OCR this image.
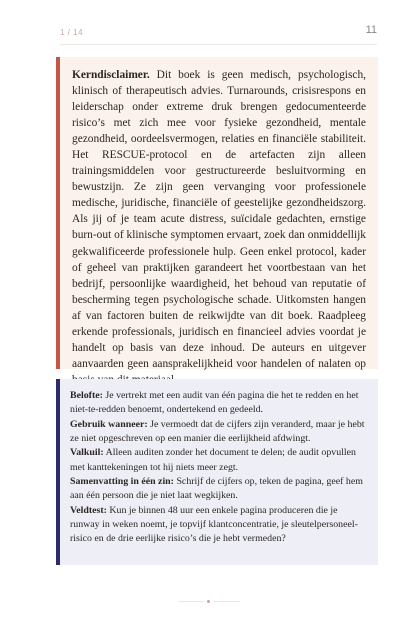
1 / 14	11
Kerndisclaimer. Dit boek is geen medisch, psychologisch, klinisch of therapeutisch advies. Turnarounds, crisisrespons en leiderschap onder extreme druk brengen gedocumenteerde risico’s met zich mee voor fysieke gezondheid, mentale gezondheid, oordeelsvermogen, relaties en financiële stabiliteit. Het RESCUE-protocol en de artefacten zijn alleen trainingsmiddelen voor gestructureerde besluitvorming en bewustzijn. Ze zijn geen vervanging voor professionele medische, juridische, financiële of geestelijke gezondheidszorg. Als jij of je team acute distress, suïcidale gedachten, ernstige burn-out of klinische symptomen ervaart, zoek dan onmiddellijk gekwalificeerde professionele hulp. Geen enkel protocol, kader of geheel van praktijken garandeert het voortbestaan van het bedrijf, persoonlijke waardigheid, het behoud van reputatie of bescherming tegen psychologische schade. Uitkomsten hangen af van factoren buiten de reikwijdte van dit boek. Raadpleeg erkende professionals, juridisch en financieel advies voordat je handelt op basis van deze inhoud. De auteurs en uitgever aanvaarden geen aansprakelijkheid voor handelen of nalaten op

Belofte: Je vertrekt met een audit van één pagina die het te redden en het niet-te-redden benoemt, ondertekend en gedeeld.

Gebruik wanneer: Je vermoedt dat de cijfers zijn veranderd, maar je hebt ze niet opgeschreven op een manier die eerlijkheid afdwingt.

Valkuil: Alleen auditen zonder het document te delen; de audit opvullen met kanttekeningen tot hij niets meer zegt.

Samenvatting in één zin: Schrijf de cijfers op, teken de pagina, geef hem aan één persoon die je niet laat wegkijken.

Veldtest: Kun je binnen 48 uur een enkele pagina produceren die je runway in weken noemt, je topvijf klantconcentratie, je sleutelpersoneel-risico en de drie eerlijke risico’s die je hebt vermeden?
